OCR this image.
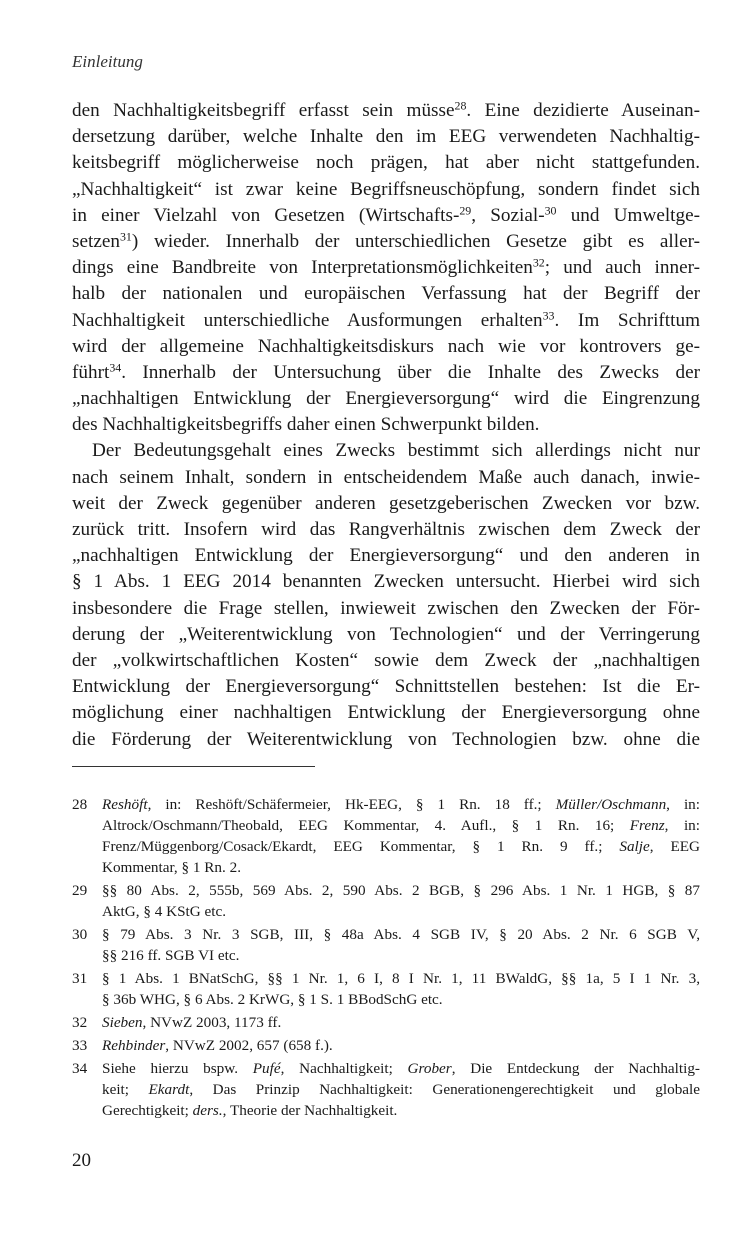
Einleitung
den Nachhaltigkeitsbegriff erfasst sein müsse$^{28}$. Eine dezidierte Auseinan-
dersetzung darüber, welche Inhalte den im EEG verwendeten Nachhaltig-
keitsbegriff möglicherweise noch prägen, hat aber nicht stattgefunden.
„Nachhaltigkeit“ ist zwar keine Begriffsneuschöpfung, sondern findet sich
in einer Vielzahl von Gesetzen (Wirtschafts-$^{29}$, Sozial-$^{30}$ und Umweltge-
setzen$^{31}$) wieder. Innerhalb der unterschiedlichen Gesetze gibt es aller-
dings eine Bandbreite von Interpretationsmöglichkeiten$^{32}$; und auch inner-
halb der nationalen und europäischen Verfassung hat der Begriff der
Nachhaltigkeit unterschiedliche Ausformungen erhalten$^{33}$. Im Schrifttum
wird der allgemeine Nachhaltigkeitsdiskurs nach wie vor kontrovers ge-
führt$^{34}$. Innerhalb der Untersuchung über die Inhalte des Zwecks der
„nachhaltigen Entwicklung der Energieversorgung“ wird die Eingrenzung
des Nachhaltigkeitsbegriffs daher einen Schwerpunkt bilden.
Der Bedeutungsgehalt eines Zwecks bestimmt sich allerdings nicht nur
nach seinem Inhalt, sondern in entscheidendem Maße auch danach, inwie-
weit der Zweck gegenüber anderen gesetzgeberischen Zwecken vor bzw.
zurück tritt. Insofern wird das Rangverhältnis zwischen dem Zweck der
„nachhaltigen Entwicklung der Energieversorgung“ und den anderen in
§ 1 Abs. 1 EEG 2014 benannten Zwecken untersucht. Hierbei wird sich
insbesondere die Frage stellen, inwieweit zwischen den Zwecken der För-
derung der „Weiterentwicklung von Technologien“ und der Verringerung
der „volkwirtschaftlichen Kosten“ sowie dem Zweck der „nachhaltigen
Entwicklung der Energieversorgung“ Schnittstellen bestehen: Ist die Er-
möglichung einer nachhaltigen Entwicklung der Energieversorgung ohne
die Förderung der Weiterentwicklung von Technologien bzw. ohne die
28 Reshöft, in: Reshöft/Schäfermeier, Hk-EEG, § 1 Rn. 18 ff.; Müller/Oschmann, in:
Altrock/Oschmann/Theobald, EEG Kommentar, 4. Aufl., § 1 Rn. 16; Frenz, in:
Frenz/Müggenborg/Cosack/Ekardt, EEG Kommentar, § 1 Rn. 9 ff.; Salje, EEG
Kommentar, § 1 Rn. 2.
29 §§ 80 Abs. 2, 555b, 569 Abs. 2, 590 Abs. 2 BGB, § 296 Abs. 1 Nr. 1 HGB, § 87
AktG, § 4 KStG etc.
30 § 79 Abs. 3 Nr. 3 SGB, III, § 48a Abs. 4 SGB IV, § 20 Abs. 2 Nr. 6 SGB V,
§§ 216 ff. SGB VI etc.
31 § 1 Abs. 1 BNatSchG, §§ 1 Nr. 1, 6 I, 8 I Nr. 1, 11 BWaldG, §§ 1a, 5 I 1 Nr. 3,
§ 36b WHG, § 6 Abs. 2 KrWG, § 1 S. 1 BBodSchG etc.
32 Sieben, NVwZ 2003, 1173 ff.
33 Rehbinder, NVwZ 2002, 657 (658 f.).
34 Siehe hierzu bspw. Pufé, Nachhaltigkeit; Grober, Die Entdeckung der Nachhaltig-
keit; Ekardt, Das Prinzip Nachhaltigkeit: Generationengerechtigkeit und globale
Gerechtigkeit; ders., Theorie der Nachhaltigkeit.
20
